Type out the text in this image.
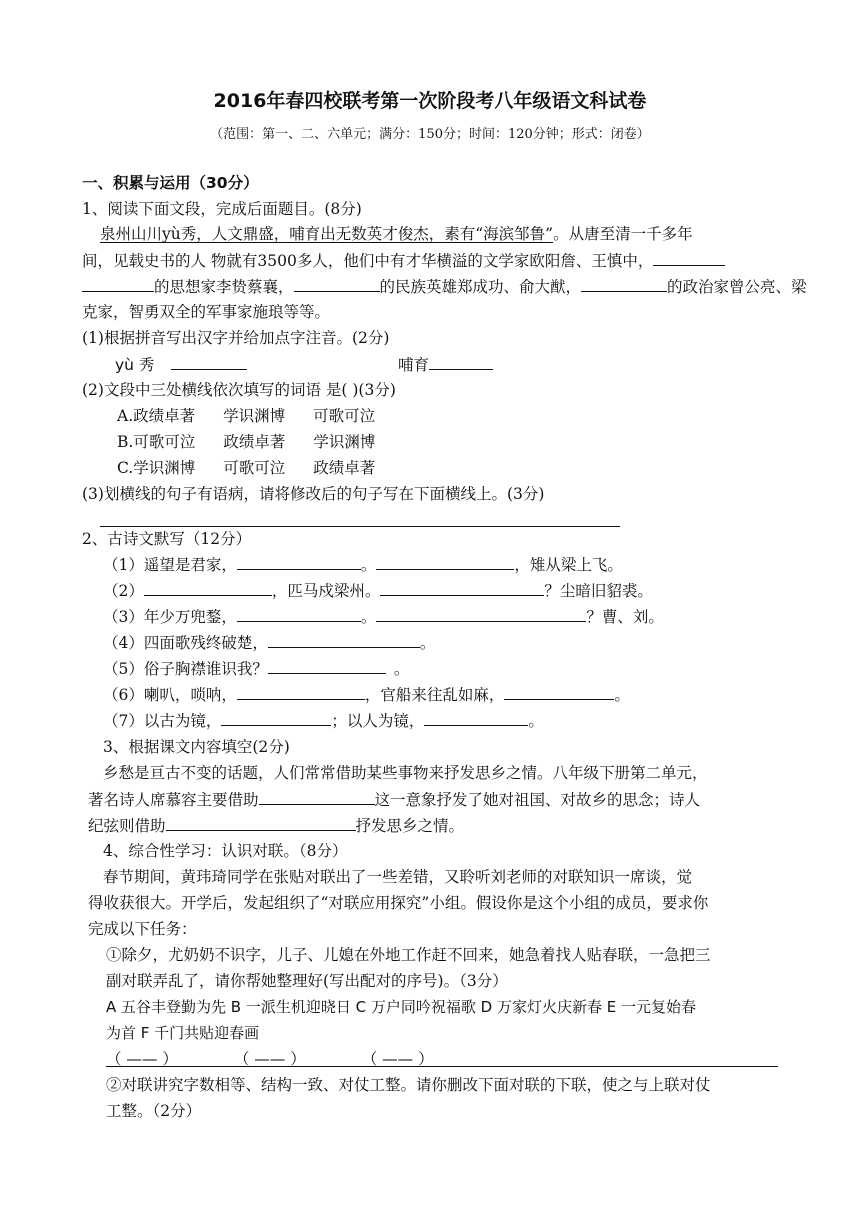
2016年春四校联考第一次阶段考八年级语文科试卷
（范围：第一、二、六单元；满分：150分；时间：120分钟；形式：闭卷）
一、积累与运用（30分）
1、阅读下面文段，完成后面题目。(8分)
泉州山川yù秀，人文鼎盛，哺育出无数英才俊杰，素有“海滨邹鲁”。从唐至清一千多年
间，见载史书的人 物就有3500多人，他们中有才华横溢的文学家欧阳詹、王慎中，
的思想家李贽蔡襄，	的民族英雄郑成功、俞大猷，	的政治家曾公亮、梁
克家，智勇双全的军事家施琅等等。
(1)根据拼音写出汉字并给加点字注音。(2分)
yù 秀	哺育
(2)文段中三处横线依次填写的词语 是( )(3分)
A.政绩卓著 学识渊博 可歌可泣
B.可歌可泣 政绩卓著 学识渊博
C.学识渊博 可歌可泣 政绩卓著
(3)划横线的句子有语病，请将修改后的句子写在下面横线上。(3分)
2、古诗文默写（12分）
（1）遥望是君家，	。	，雉从梁上飞。
（2）	，匹马戍梁州。	？尘暗旧貂裘。
（3）年少万兜鍪，	。	？曹、刘。
（4）四面歌残终破楚，	。
（5）俗子胸襟谁识我？	。
（6）喇叭，唢呐，	，官船来往乱如麻，	。
（7）以古为镜，	；以人为镜，	。
3、根据课文内容填空(2分)
乡愁是亘古不变的话题，人们常常借助某些事物来抒发思乡之情。八年级下册第二单元，
著名诗人席慕容主要借助	这一意象抒发了她对祖国、对故乡的思念；诗人
纪弦则借助	抒发思乡之情。
4、综合性学习：认识对联。（8分）
春节期间，黄玮琦同学在张贴对联出了一些差错，又聆听刘老师的对联知识一席谈，觉
得收获很大。开学后，发起组织了“对联应用探究”小组。假设你是这个小组的成员，要求你
完成以下任务：
①除夕，尤奶奶不识字，儿子、儿媳在外地工作赶不回来，她急着找人贴春联，一急把三
副对联弄乱了，请你帮她整理好(写出配对的序号)。（3分）
A 五谷丰登勤为先 B 一派生机迎晓日 C 万户同吟祝福歌 D 万家灯火庆新春 E 一元复始春
为首 F 千门共贴迎春画
（ —— ）	（ —— ）	（ —— ）
②对联讲究字数相等、结构一致、对仗工整。请你删改下面对联的下联，使之与上联对仗
工整。（2分）
